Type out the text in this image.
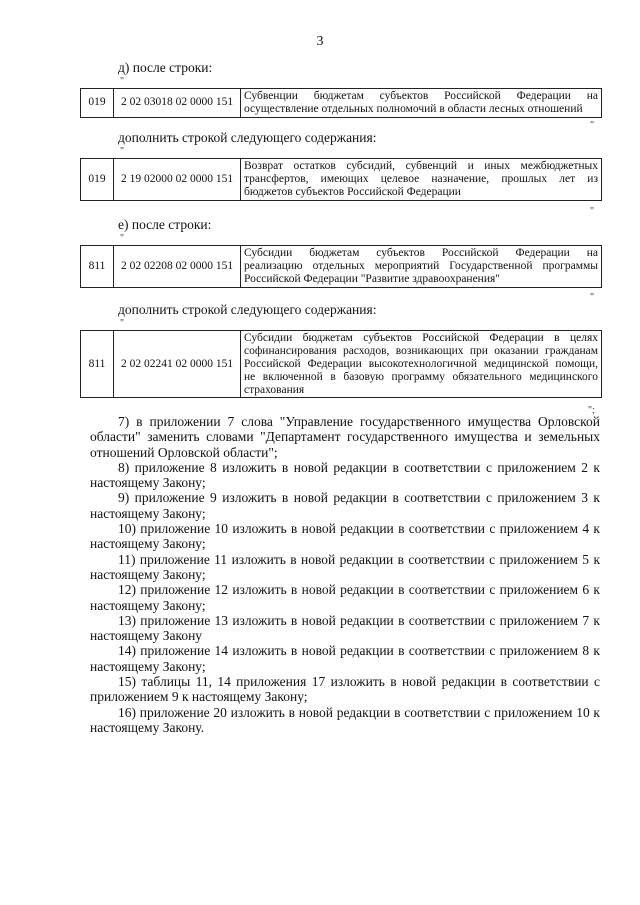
3
д) после строки:
"
019	2 02 03018 02 0000 151	
Субвенции бюджетам субъектов Российской Федерации на
осуществление отдельных полномочий в области лесных отношений
"
дополнить строкой следующего содержания:
"
019	2 19 02000 02 0000 151	
Возврат остатков субсидий, субвенций и иных межбюджетных
трансфертов, имеющих целевое назначение, прошлых лет из
бюджетов субъектов Российской Федерации
"
е) после строки:
"
811	2 02 02208 02 0000 151	
Субсидии бюджетам субъектов Российской Федерации на
реализацию отдельных мероприятий Государственной программы
Российской Федерации "Развитие здравоохранения"
"
дополнить строкой следующего содержания:
"
811	2 02 02241 02 0000 151	
Субсидии бюджетам субъектов Российской Федерации в целях
софинансирования расходов, возникающих при оказании гражданам
Российской Федерации высокотехнологичной медицинской помощи,
не включенной в базовую программу обязательного медицинского
страхования
";

7) в приложении 7 слова "Управление государственного имущества Орловской области" заменить словами "Департамент государственного имущества и земельных отношений Орловской области";

8) приложение 8 изложить в новой редакции в соответствии с приложением 2 к настоящему Закону;

9) приложение 9 изложить в новой редакции в соответствии с приложением 3 к настоящему Закону;

10) приложение 10 изложить в новой редакции в соответствии с приложением 4 к настоящему Закону;

11) приложение 11 изложить в новой редакции в соответствии с приложением 5 к настоящему Закону;

12) приложение 12 изложить в новой редакции в соответствии с приложением 6 к настоящему Закону;

13) приложение 13 изложить в новой редакции в соответствии с приложением 7 к настоящему Закону

14) приложение 14 изложить в новой редакции в соответствии с приложением 8 к настоящему Закону;

15) таблицы 11, 14 приложения 17 изложить в новой редакции в соответствии с приложением 9 к настоящему Закону;

16) приложение 20 изложить в новой редакции в соответствии с приложением 10 к настоящему Закону.
